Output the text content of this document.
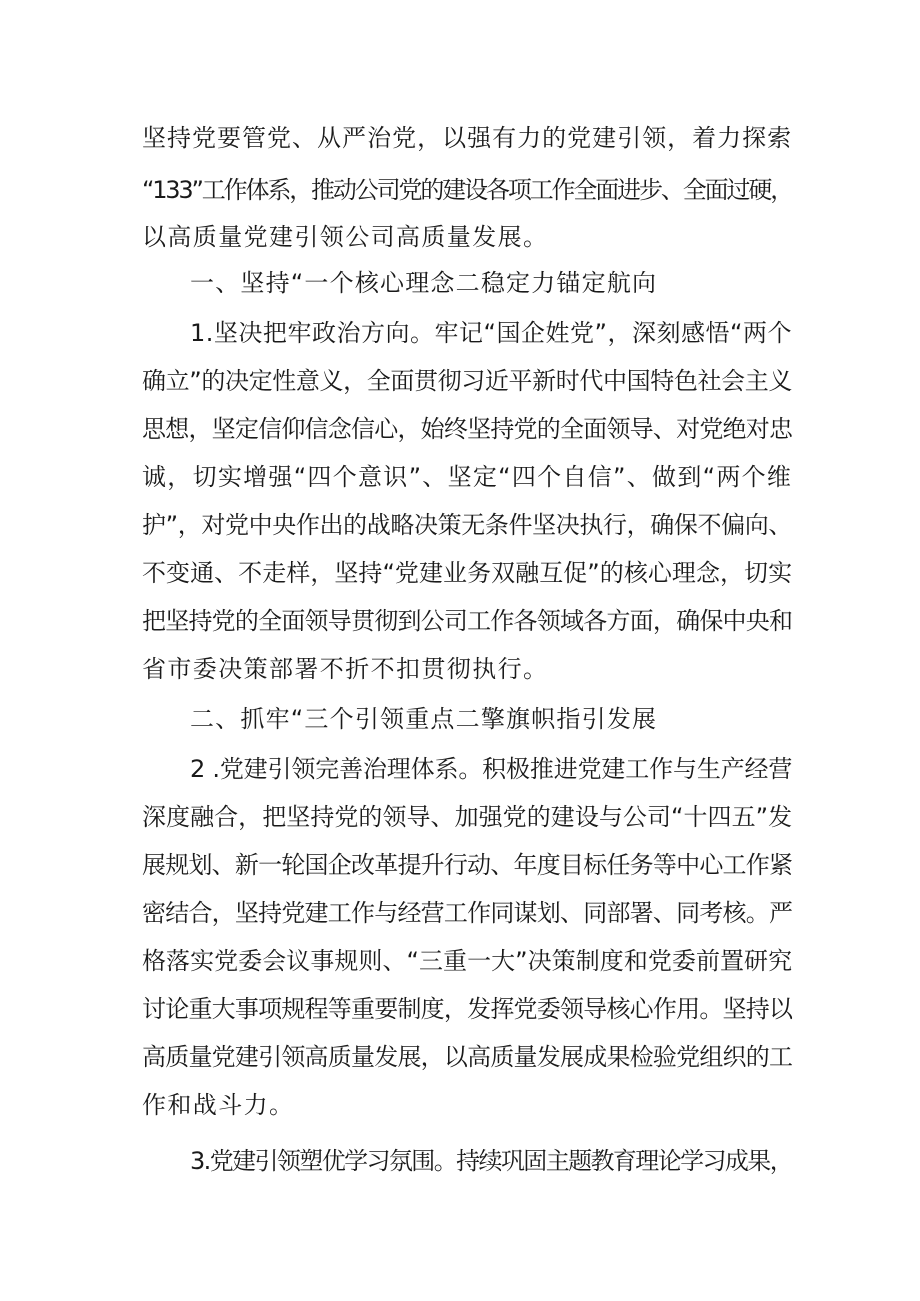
坚持党要管党、从严治党，以强有力的党建引领，着力探索
“133”工作体系，推动公司党的建设各项工作全面进步、全面过硬，
以高质量党建引领公司高质量发展。
一、坚持“一个核心理念二稳定力锚定航向
1.坚决把牢政治方向。牢记“国企姓党”，深刻感悟“两个
确立”的决定性意义，全面贯彻习近平新时代中国特色社会主义
思想，坚定信仰信念信心，始终坚持党的全面领导、对党绝对忠
诚，切实增强“四个意识”、坚定“四个自信”、做到“两个维
护”，对党中央作出的战略决策无条件坚决执行，确保不偏向、
不变通、不走样，坚持“党建业务双融互促”的核心理念，切实
把坚持党的全面领导贯彻到公司工作各领域各方面，确保中央和
省市委决策部署不折不扣贯彻执行。
二、抓牢“三个引领重点二擎旗帜指引发展
2 .党建引领完善治理体系。积极推进党建工作与生产经营
深度融合，把坚持党的领导、加强党的建设与公司“十四五”发
展规划、新一轮国企改革提升行动、年度目标任务等中心工作紧
密结合，坚持党建工作与经营工作同谋划、同部署、同考核。严
格落实党委会议事规则、“三重一大”决策制度和党委前置研究
讨论重大事项规程等重要制度，发挥党委领导核心作用。坚持以
高质量党建引领高质量发展，以高质量发展成果检验党组织的工
作和战斗力。
3.党建引领塑优学习氛围。持续巩固主题教育理论学习成果，
